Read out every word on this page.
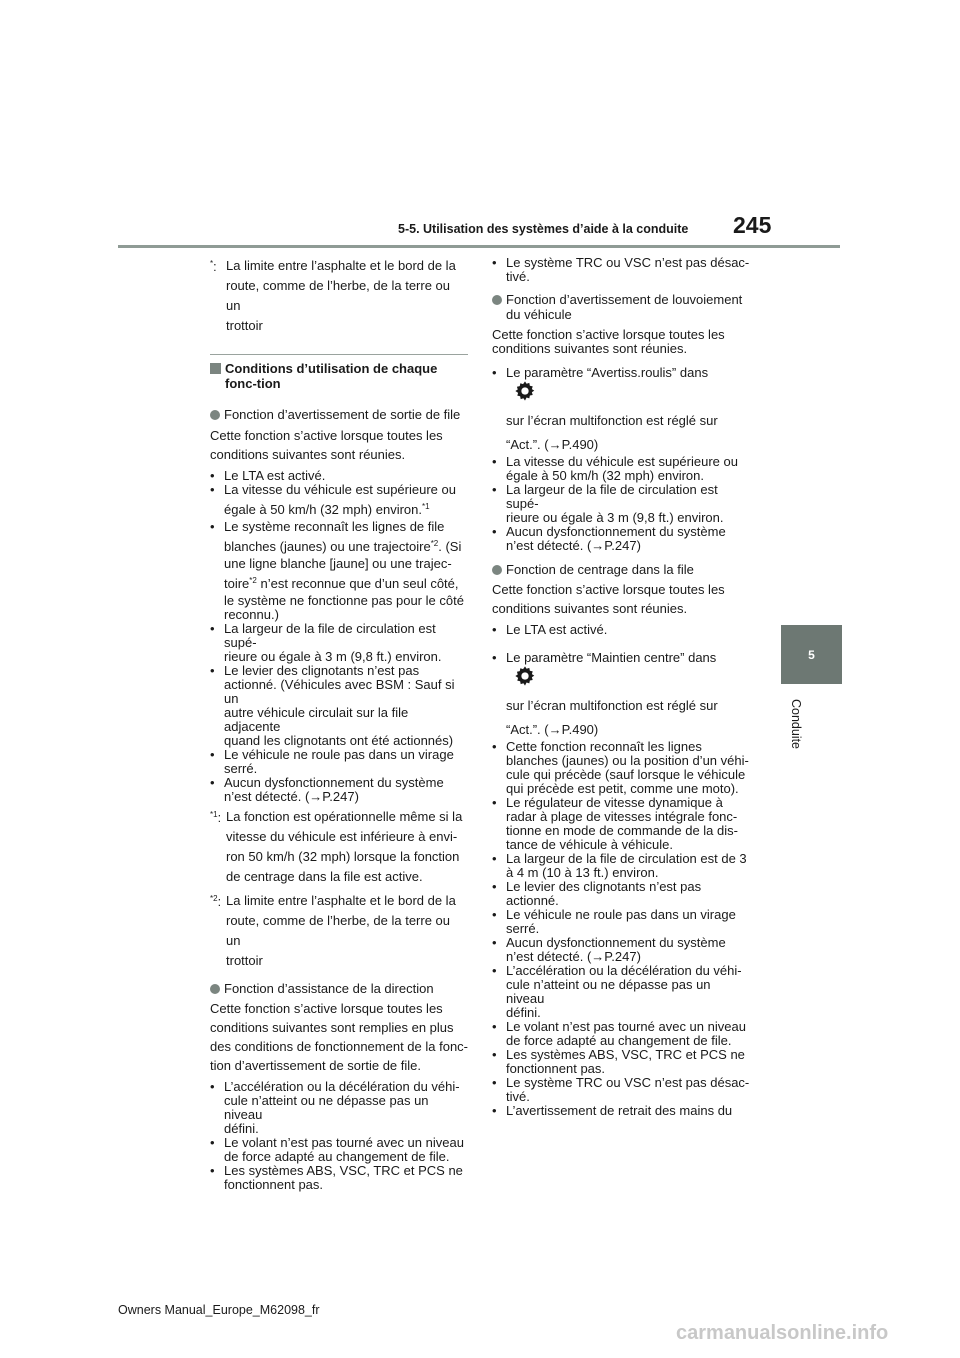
5-5. Utilisation des systèmes d’aide à la conduite 245
5
Conduite
*: La limite entre l’asphalte et le bord de la

route, comme de l’herbe, de la terre ou un

trottoir

Conditions d’utilisation de chaque fonc-tion
Fonction d’avertissement de sortie de file
Cette fonction s’active lorsque toutes les
conditions suivantes sont réunies.
• Le LTA est activé.
• La vitesse du véhicule est supérieure ou
égale à 50 km/h (32 mph) environ.$^{*1}$
• Le système reconnaît les lignes de file
blanches (jaunes) ou une trajectoire$^{*2}$. (Si
une ligne blanche [jaune] ou une trajec-
toire$^{*2}$ n’est reconnue que d’un seul côté,
le système ne fonctionne pas pour le côté
reconnu.)
• La largeur de la file de circulation est supé-
rieure ou égale à 3 m (9,8 ft.) environ.
• Le levier des clignotants n’est pas
actionné. (Véhicules avec BSM : Sauf si un
autre véhicule circulait sur la file adjacente
quand les clignotants ont été actionnés)
• Le véhicule ne roule pas dans un virage
serré.
• Aucun dysfonctionnement du système
n’est détecté. (→P.247)
$^{*1}$: La fonction est opérationnelle même si la

vitesse du véhicule est inférieure à envi-

ron 50 km/h (32 mph) lorsque la fonction

de centrage dans la file est active.

$^{*2}$: La limite entre l’asphalte et le bord de la

route, comme de l’herbe, de la terre ou un

trottoir

Fonction d’assistance de la direction
Cette fonction s’active lorsque toutes les
conditions suivantes sont remplies en plus
des conditions de fonctionnement de la fonc-
tion d’avertissement de sortie de file.
• L’accélération ou la décélération du véhi-
cule n’atteint ou ne dépasse pas un niveau
défini.
• Le volant n’est pas tourné avec un niveau
de force adapté au changement de file.
• Les systèmes ABS, VSC, TRC et PCS ne
fonctionnent pas.
• Le système TRC ou VSC n’est pas désac-
tivé.
Fonction d’avertissement de louvoiement
du véhicule
Cette fonction s’active lorsque toutes les
conditions suivantes sont réunies.
• Le paramètre “Avertiss.roulis” dans
sur l’écran multifonction est réglé sur
“Act.”. (→P.490)
• La vitesse du véhicule est supérieure ou
égale à 50 km/h (32 mph) environ.
• La largeur de la file de circulation est supé-
rieure ou égale à 3 m (9,8 ft.) environ.
• Aucun dysfonctionnement du système
n’est détecté. (→P.247)
Fonction de centrage dans la file
Cette fonction s’active lorsque toutes les
conditions suivantes sont réunies.
• Le LTA est activé.
• Le paramètre “Maintien centre” dans
sur l’écran multifonction est réglé sur
“Act.”. (→P.490)
• Cette fonction reconnaît les lignes
blanches (jaunes) ou la position d’un véhi-
cule qui précède (sauf lorsque le véhicule
qui précède est petit, comme une moto).
• Le régulateur de vitesse dynamique à
radar à plage de vitesses intégrale fonc-
tionne en mode de commande de la dis-
tance de véhicule à véhicule.
• La largeur de la file de circulation est de 3
à 4 m (10 à 13 ft.) environ.
• Le levier des clignotants n’est pas
actionné.
• Le véhicule ne roule pas dans un virage
serré.
• Aucun dysfonctionnement du système
n’est détecté. (→P.247)
• L’accélération ou la décélération du véhi-
cule n’atteint ou ne dépasse pas un niveau
défini.
• Le volant n’est pas tourné avec un niveau
de force adapté au changement de file.
• Les systèmes ABS, VSC, TRC et PCS ne
fonctionnent pas.
• Le système TRC ou VSC n’est pas désac-
tivé.
• L’avertissement de retrait des mains du
Owners Manual_Europe_M62098_fr
carmanualsonline.info
